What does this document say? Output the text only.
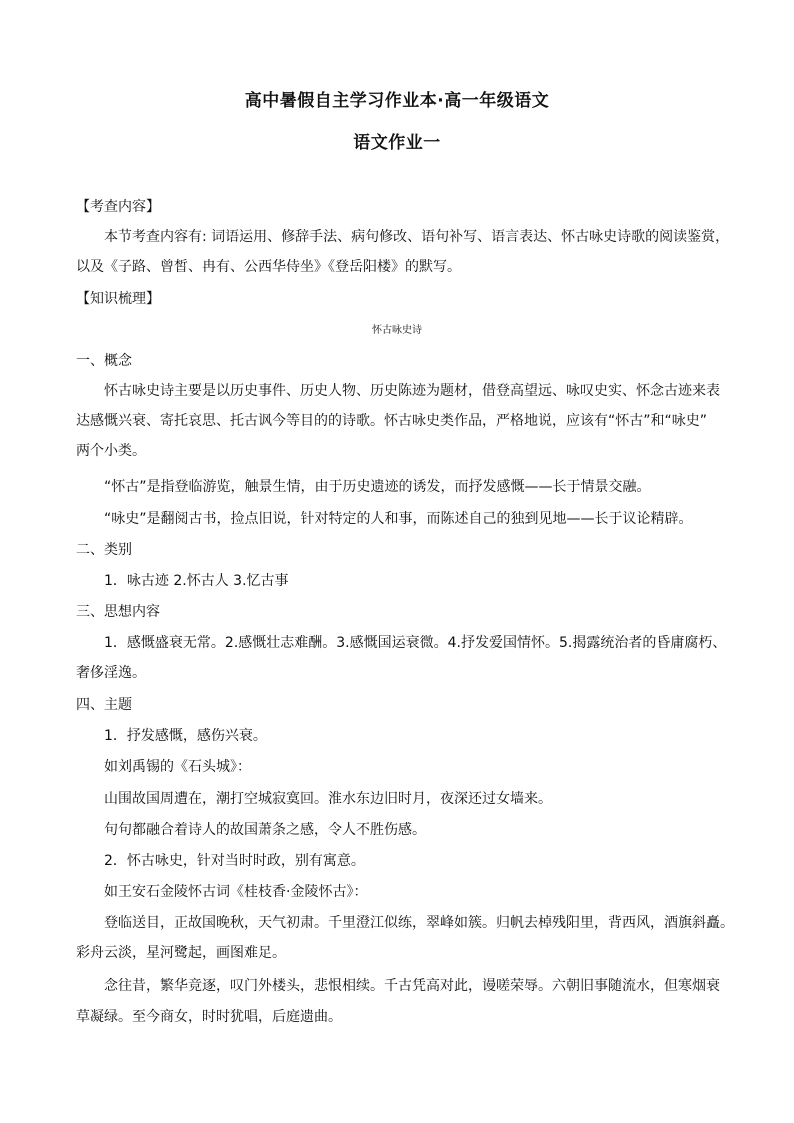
高中暑假自主学习作业本·高一年级语文
语文作业一
【考查内容】
本节考查内容有: 词语运用、修辞手法、病句修改、语句补写、语言表达、怀古咏史诗歌的阅读鉴赏，
以及《子路、曾皙、冉有、公西华侍坐》《登岳阳楼》的默写。
【知识梳理】
怀古咏史诗
一、概念
怀古咏史诗主要是以历史事件、历史人物、历史陈迹为题材，借登高望远、咏叹史实、怀念古迹来表
达感慨兴衰、寄托哀思、托古讽今等目的的诗歌。怀古咏史类作品，严格地说，应该有“怀古”和“咏史”
两个小类。
“怀古”是指登临游览，触景生情，由于历史遗迹的诱发，而抒发感慨——长于情景交融。
“咏史”是翻阅古书，捡点旧说，针对特定的人和事，而陈述自己的独到见地——长于议论精辟。
二、类别
1．咏古迹 2.怀古人 3.忆古事
三、思想内容
1．感慨盛衰无常。2.感慨壮志难酬。3.感慨国运衰微。4.抒发爱国情怀。5.揭露统治者的昏庸腐朽、
奢侈淫逸。
四、主题
1．抒发感慨，感伤兴衰。
如刘禹锡的《石头城》：
山围故国周遭在，潮打空城寂寞回。淮水东边旧时月，夜深还过女墙来。
句句都融合着诗人的故国萧条之感，令人不胜伤感。
2．怀古咏史，针对当时时政，别有寓意。
如王安石金陵怀古词《桂枝香·金陵怀古》：
登临送目，正故国晚秋，天气初肃。千里澄江似练，翠峰如簇。归帆去棹残阳里，背西风，酒旗斜矗。
彩舟云淡，星河鹭起，画图难足。
念往昔，繁华竞逐，叹门外楼头，悲恨相续。千古凭高对此，谩嗟荣辱。六朝旧事随流水，但寒烟衰
草凝绿。至今商女，时时犹唱，后庭遗曲。
